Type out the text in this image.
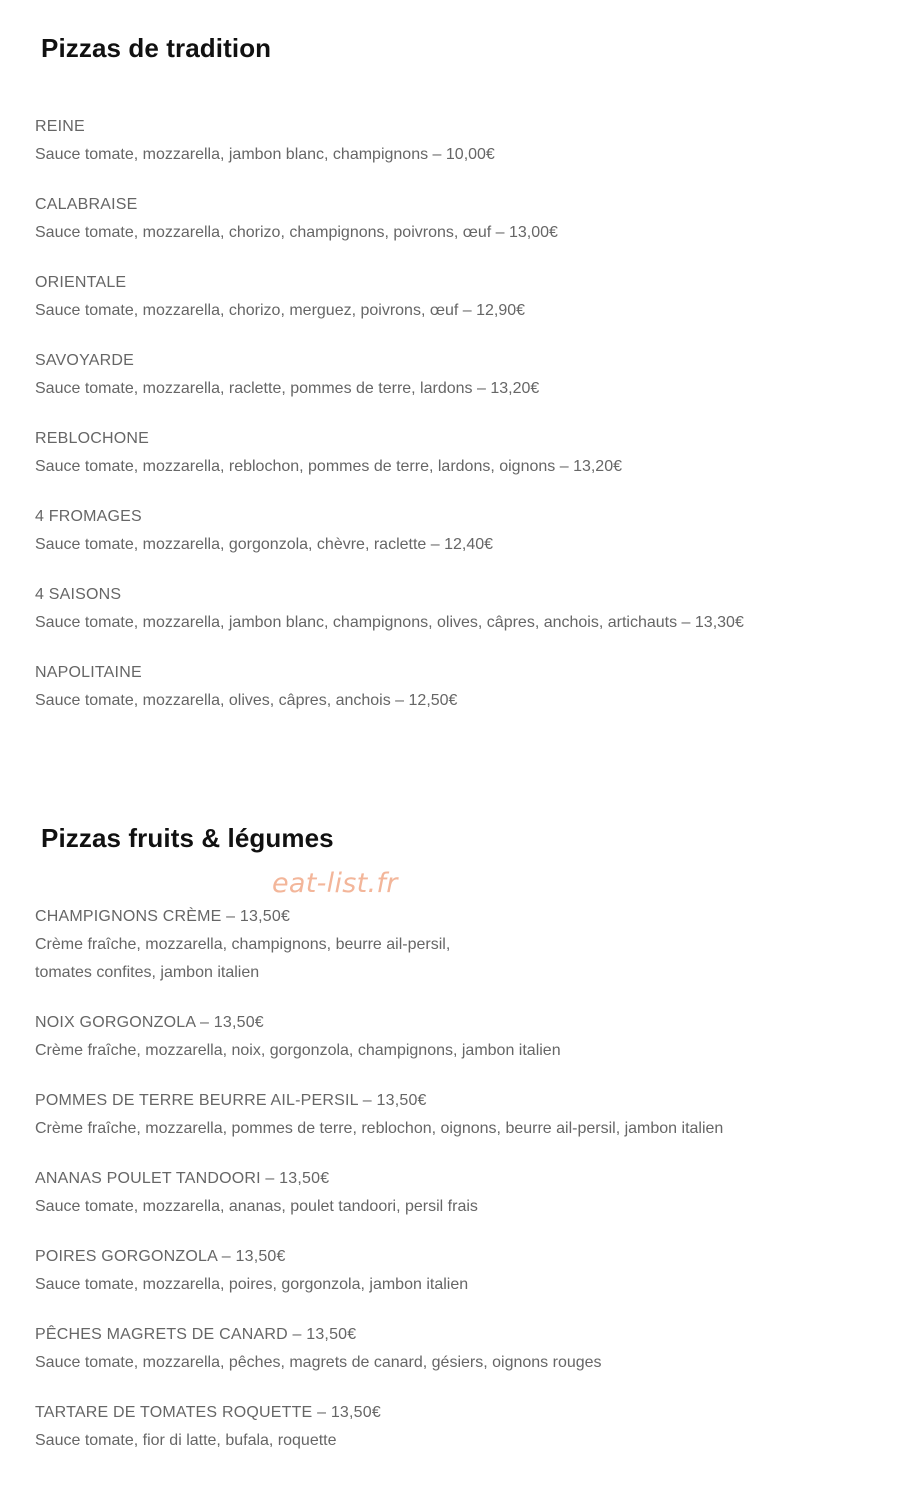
Pizzas de tradition
REINE
Sauce tomate, mozzarella, jambon blanc, champignons – 10,00€
CALABRAISE
Sauce tomate, mozzarella, chorizo, champignons, poivrons, œuf – 13,00€
ORIENTALE
Sauce tomate, mozzarella, chorizo, merguez, poivrons, œuf – 12,90€
SAVOYARDE
Sauce tomate, mozzarella, raclette, pommes de terre, lardons – 13,20€
REBLOCHONE
Sauce tomate, mozzarella, reblochon, pommes de terre, lardons, oignons – 13,20€
4 FROMAGES
Sauce tomate, mozzarella, gorgonzola, chèvre, raclette – 12,40€
4 SAISONS
Sauce tomate, mozzarella, jambon blanc, champignons, olives, câpres, anchois, artichauts – 13,30€
NAPOLITAINE
Sauce tomate, mozzarella, olives, câpres, anchois – 12,50€
Pizzas fruits & légumes
eat-list.fr
CHAMPIGNONS CRÈME – 13,50€
Crème fraîche, mozzarella, champignons, beurre ail-persil,
tomates confites, jambon italien
NOIX GORGONZOLA – 13,50€
Crème fraîche, mozzarella, noix, gorgonzola, champignons, jambon italien
POMMES DE TERRE BEURRE AIL-PERSIL – 13,50€
Crème fraîche, mozzarella, pommes de terre, reblochon, oignons, beurre ail-persil, jambon italien
ANANAS POULET TANDOORI – 13,50€
Sauce tomate, mozzarella, ananas, poulet tandoori, persil frais
POIRES GORGONZOLA – 13,50€
Sauce tomate, mozzarella, poires, gorgonzola, jambon italien
PÊCHES MAGRETS DE CANARD – 13,50€
Sauce tomate, mozzarella, pêches, magrets de canard, gésiers, oignons rouges
TARTARE DE TOMATES ROQUETTE – 13,50€
Sauce tomate, fior di latte, bufala, roquette
